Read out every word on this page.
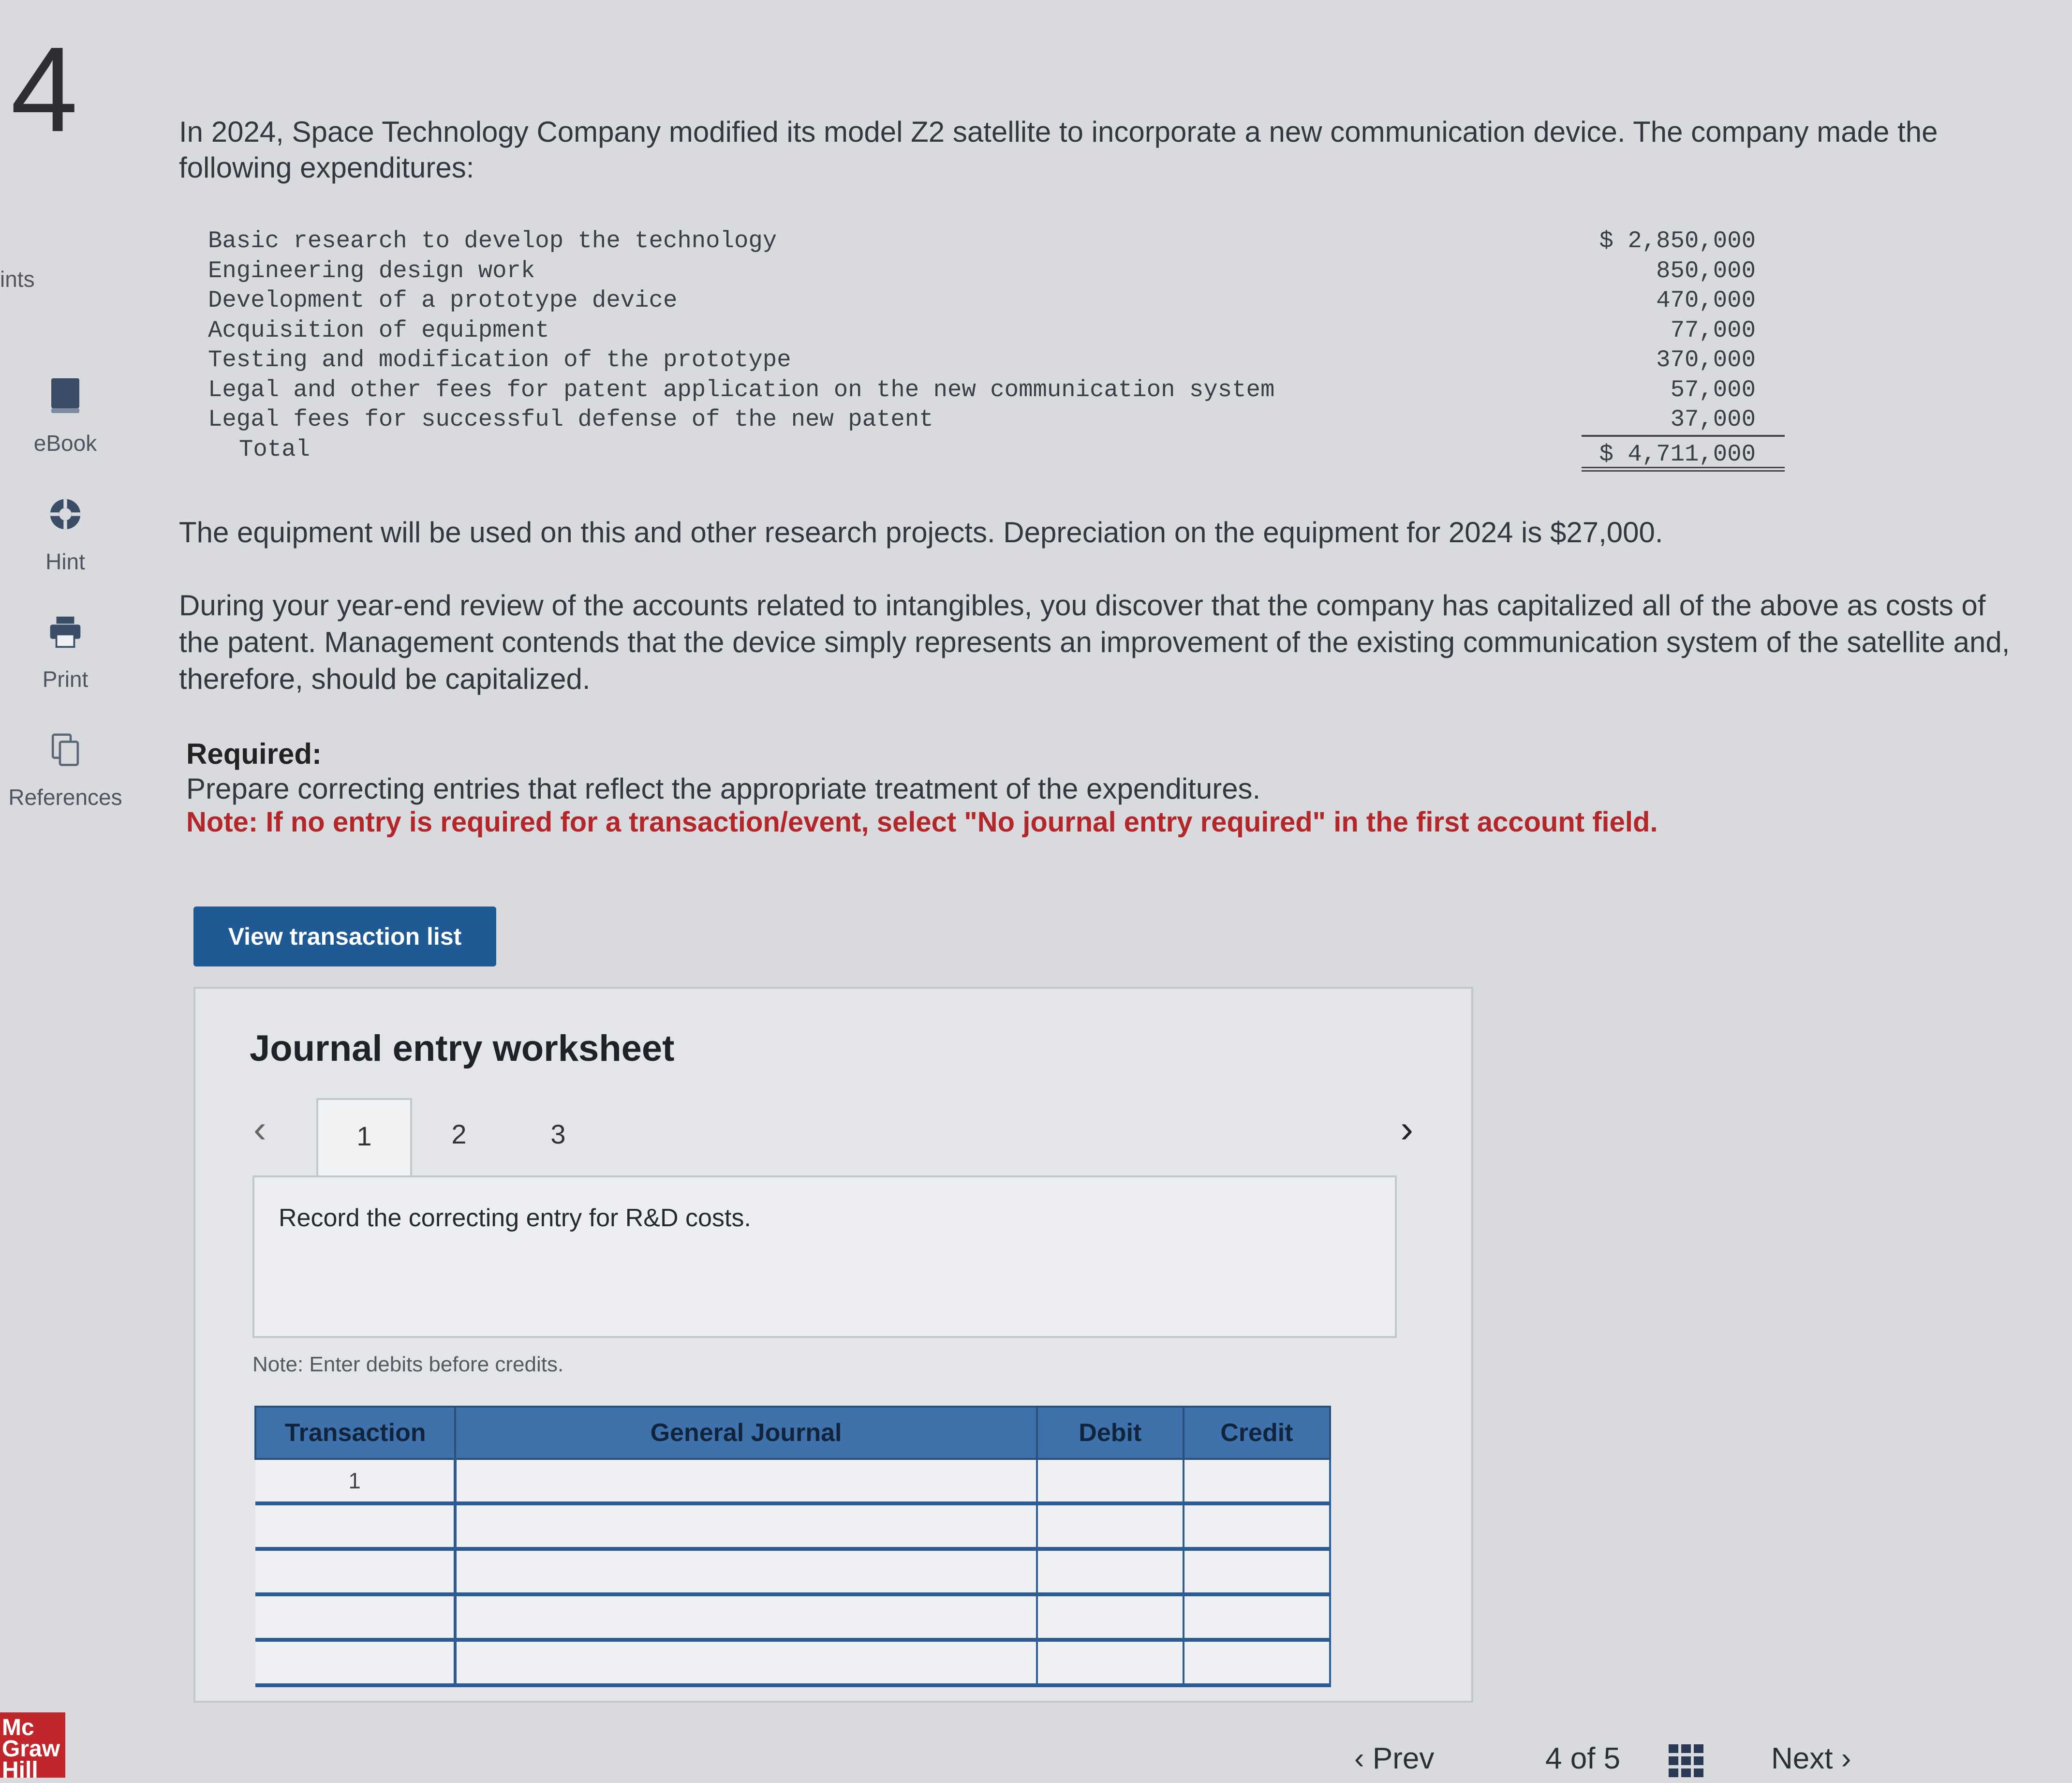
4
ints
eBook
Hint
Print
References
Mc Graw Hill
In 2024, Space Technology Company modified its model Z2 satellite to incorporate a new communication device. The company made the following expenditures:
Basic research to develop the technology	$ 2,850,000
Engineering design work	850,000
Development of a prototype device	470,000
Acquisition of equipment	77,000
Testing and modification of the prototype	370,000
Legal and other fees for patent application on the new communication system	57,000
Legal fees for successful defense of the new patent	37,000
Total	$ 4,711,000
The equipment will be used on this and other research projects. Depreciation on the equipment for 2024 is $27,000.
During your year-end review of the accounts related to intangibles, you discover that the company has capitalized all of the above as costs of the patent. Management contends that the device simply represents an improvement of the existing communication system of the satellite and, therefore, should be capitalized.
Required:
Prepare correcting entries that reflect the appropriate treatment of the expenditures.
Note: If no entry is required for a transaction/event, select "No journal entry required" in the first account field.
View transaction list
Journal entry worksheet
‹	1	2	3	›
Record the correcting entry for R&D costs.
Note: Enter debits before credits.
Transaction	General Journal	Debit	Credit
1			

‹ Prev	4 of 5	Next ›
